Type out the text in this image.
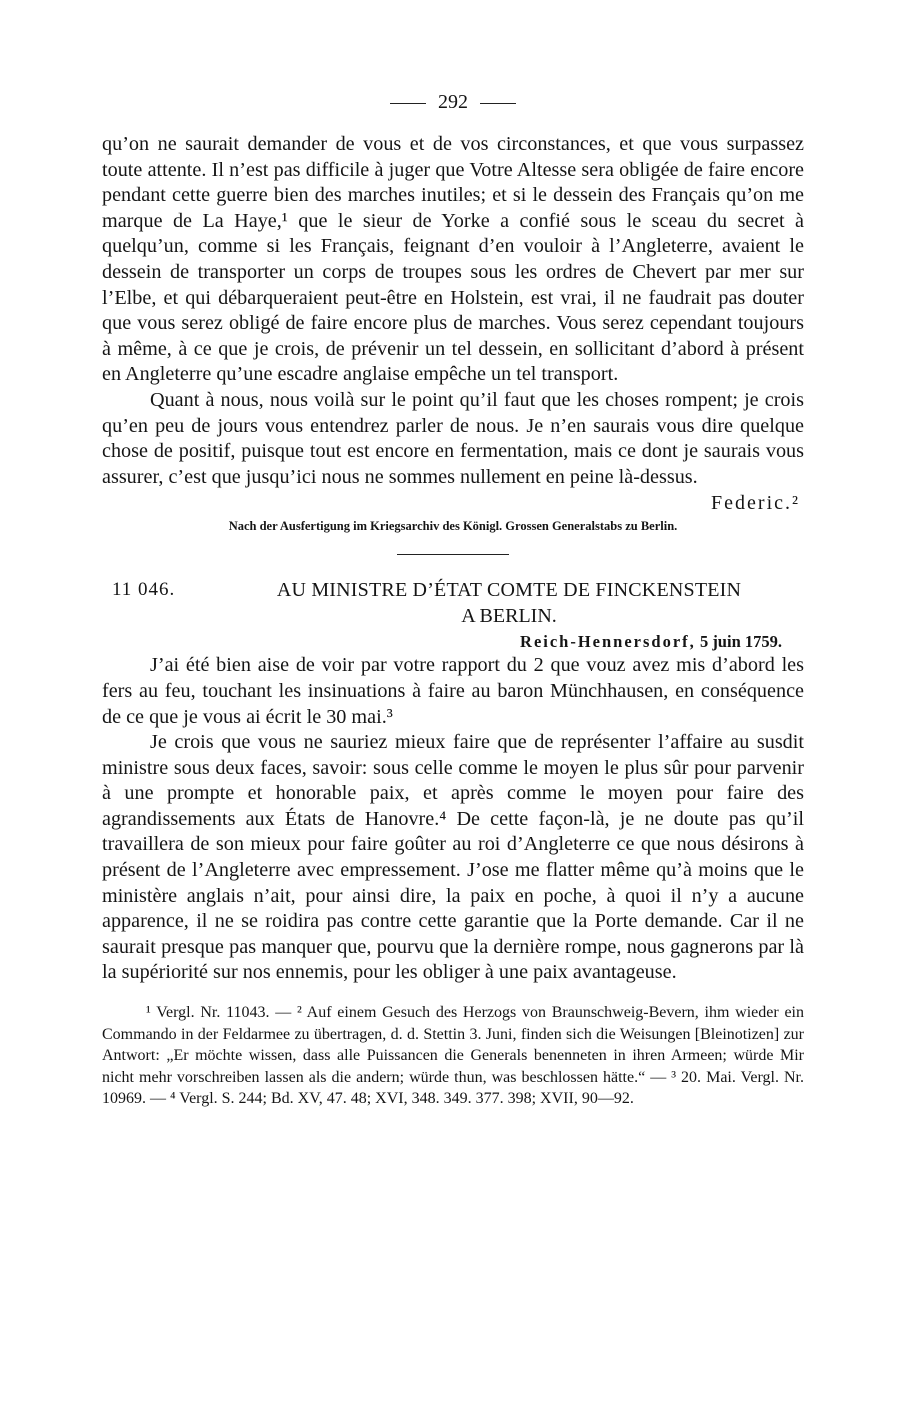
292

qu’on ne saurait demander de vous et de vos circonstances, et que vous surpassez toute attente. Il n’est pas difficile à juger que Votre Altesse sera obligée de faire encore pendant cette guerre bien des marches inutiles; et si le dessein des Français qu’on me marque de La Haye,¹ que le sieur de Yorke a confié sous le sceau du secret à quelqu’un, comme si les Français, feignant d’en vouloir à l’Angleterre, avaient le dessein de transporter un corps de troupes sous les ordres de Chevert par mer sur l’Elbe, et qui débarqueraient peut-être en Holstein, est vrai, il ne faudrait pas douter que vous serez obligé de faire encore plus de marches. Vous serez cependant toujours à même, à ce que je crois, de prévenir un tel dessein, en sollicitant d’abord à présent en Angleterre qu’une escadre anglaise empêche un tel transport.

Quant à nous, nous voilà sur le point qu’il faut que les choses rompent; je crois qu’en peu de jours vous entendrez parler de nous. Je n’en saurais vous dire quelque chose de positif, puisque tout est encore en fermentation, mais ce dont je saurais vous assurer, c’est que jusqu’ici nous ne sommes nullement en peine là-dessus.

Federic.²
Nach der Ausfertigung im Kriegsarchiv des Königl. Grossen Generalstabs zu Berlin.
11 046.	AU MINISTRE D’ÉTAT COMTE DE FINCKENSTEIN
A BERLIN.
Reich-Hennersdorf, 5 juin 1759.

J’ai été bien aise de voir par votre rapport du 2 que vouz avez mis d’abord les fers au feu, touchant les insinuations à faire au baron Münchhausen, en conséquence de ce que je vous ai écrit le 30 mai.³

Je crois que vous ne sauriez mieux faire que de représenter l’affaire au susdit ministre sous deux faces, savoir: sous celle comme le moyen le plus sûr pour parvenir à une prompte et honorable paix, et après comme le moyen pour faire des agrandissements aux États de Hanovre.⁴ De cette façon-là, je ne doute pas qu’il travaillera de son mieux pour faire goûter au roi d’Angleterre ce que nous désirons à présent de l’Angleterre avec empressement. J’ose me flatter même qu’à moins que le ministère anglais n’ait, pour ainsi dire, la paix en poche, à quoi il n’y a aucune apparence, il ne se roidira pas contre cette garantie que la Porte demande. Car il ne saurait presque pas manquer que, pourvu que la dernière rompe, nous gagnerons par là la supériorité sur nos ennemis, pour les obliger à une paix avantageuse.

¹ Vergl. Nr. 11043. — ² Auf einem Gesuch des Herzogs von Braunschweig-Bevern, ihm wieder ein Commando in der Feldarmee zu übertragen, d. d. Stettin 3. Juni, finden sich die Weisungen [Bleinotizen] zur Antwort: „Er möchte wissen, dass alle Puissancen die Generals benenneten in ihren Armeen; würde Mir nicht mehr vorschreiben lassen als die andern; würde thun, was beschlossen hätte.“ — ³ 20. Mai. Vergl. Nr. 10969. — ⁴ Vergl. S. 244; Bd. XV, 47. 48; XVI, 348. 349. 377. 398; XVII, 90—92.
